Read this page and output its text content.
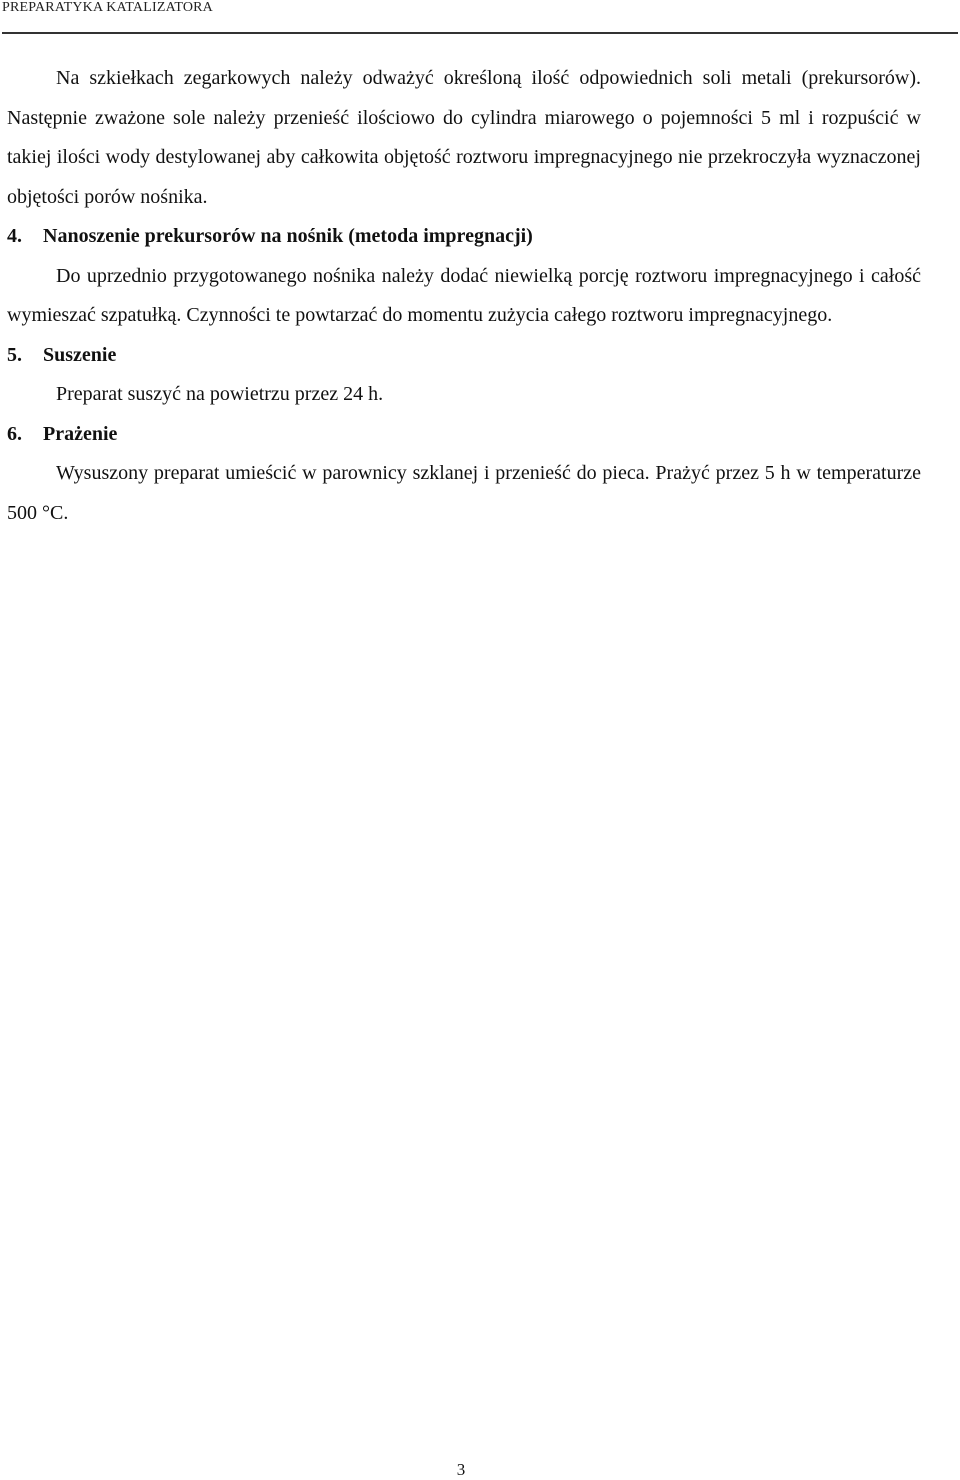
PREPARATYKA KATALIZATORA

Na szkiełkach zegarkowych należy odważyć określoną ilość odpowiednich soli metali (prekursorów). Następnie zważone sole należy przenieść ilościowo do cylindra miarowego o pojemności 5 ml i rozpuścić w takiej ilości wody destylowanej aby całkowita objętość roztworu impregnacyjnego nie przekroczyła wyznaczonej objętości porów nośnika.

4. Nanoszenie prekursorów na nośnik (metoda impregnacji)

Do uprzednio przygotowanego nośnika należy dodać niewielką porcję roztworu impregnacyjnego i całość wymieszać szpatułką. Czynności te powtarzać do momentu zużycia całego roztworu impregnacyjnego.

5. Suszenie

Preparat suszyć na powietrzu przez 24 h.

6. Prażenie

Wysuszony preparat umieścić w parownicy szklanej i przenieść do pieca. Prażyć przez 5 h w temperaturze 500 °C.

3
